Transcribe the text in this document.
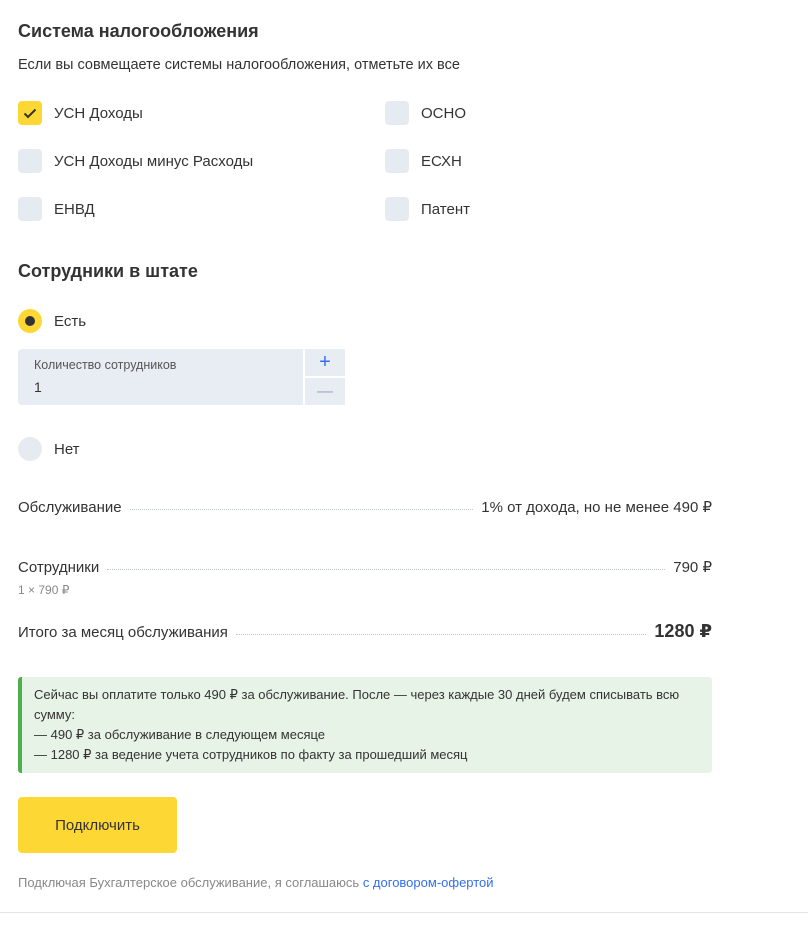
Система налогообложения
Если вы совмещаете системы налогообложения, отметьте их все
УСН Доходы	ОСНО
УСН Доходы минус Расходы	ЕСХН
ЕНВД	Патент
Сотрудники в штате
Есть
Количество сотрудников
1
+
—
Нет
Обслуживание	1% от дохода, но не менее 490 ₽
Сотрудники	790 ₽
1 × 790 ₽
Итого за месяц обслуживания	1280 ₽
Сейчас вы оплатите только 490 ₽ за обслуживание. После — через каждые 30 дней будем списывать всю сумму:
— 490 ₽ за обслуживание в следующем месяце
— 1280 ₽ за ведение учета сотрудников по факту за прошедший месяц
Подключить
Подключая Бухгалтерское обслуживание, я соглашаюсь с договором-офертой
